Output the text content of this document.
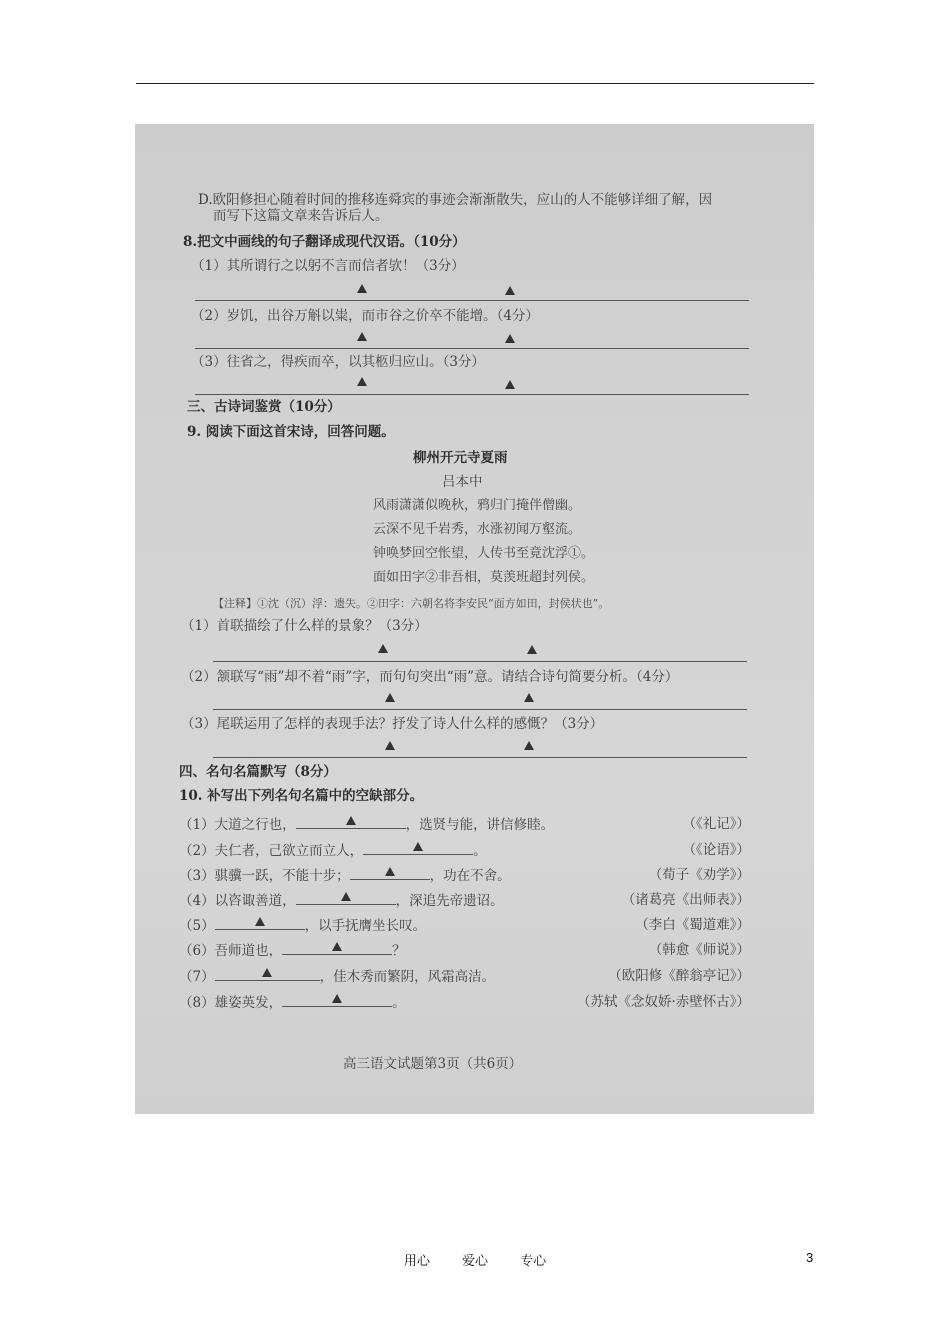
D.欧阳修担心随着时间的推移连舜宾的事迹会渐渐散失，应山的人不能够详细了解，因
而写下这篇文章来告诉后人。
8.把文中画线的句子翻译成现代汉语。（10分）
（1）其所谓行之以躬不言而信者欤！（3分）
（2）岁饥，出谷万斛以粜，而市谷之价卒不能增。（4分）
（3）往省之，得疾而卒，以其柩归应山。（3分）
三、古诗词鉴赏（10分）
9. 阅读下面这首宋诗，回答问题。
柳州开元寺夏雨
吕本中
风雨潇潇似晚秋，鸦归门掩伴僧幽。
云深不见千岩秀，水涨初闻万壑流。
钟唤梦回空怅望，人传书至竟沈浮①。
面如田字②非吾相，莫羡班超封列侯。
【注释】①沈（沉）浮：遗失。②田字：六朝名将李安民“面方如田，封侯状也”。
（1）首联描绘了什么样的景象？（3分）
（2）颔联写“雨”却不着“雨”字，而句句突出“雨”意。请结合诗句简要分析。（4分）
（3）尾联运用了怎样的表现手法？抒发了诗人什么样的感慨？（3分）
四、名句名篇默写（8分）
10. 补写出下列名句名篇中的空缺部分。
（1）大道之行也，	，选贤与能，讲信修睦。	（《礼记》）
（2）夫仁者，己欲立而立人，	。	（《论语》）
（3）骐骥一跃，不能十步；	，功在不舍。	（荀子《劝学》）
（4）以咨诹善道，	，深追先帝遗诏。	（诸葛亮《出师表》）
（5）	，以手抚膺坐长叹。	（李白《蜀道难》）
（6）吾师道也，	？	（韩愈《师说》）
（7）	，佳木秀而繁阴，风霜高洁。	（欧阳修《醉翁亭记》）
（8）雄姿英发，	。	（苏轼《念奴娇·赤壁怀古》）
高三语文试题第3页（共6页）
用心 爱心 专心	3
